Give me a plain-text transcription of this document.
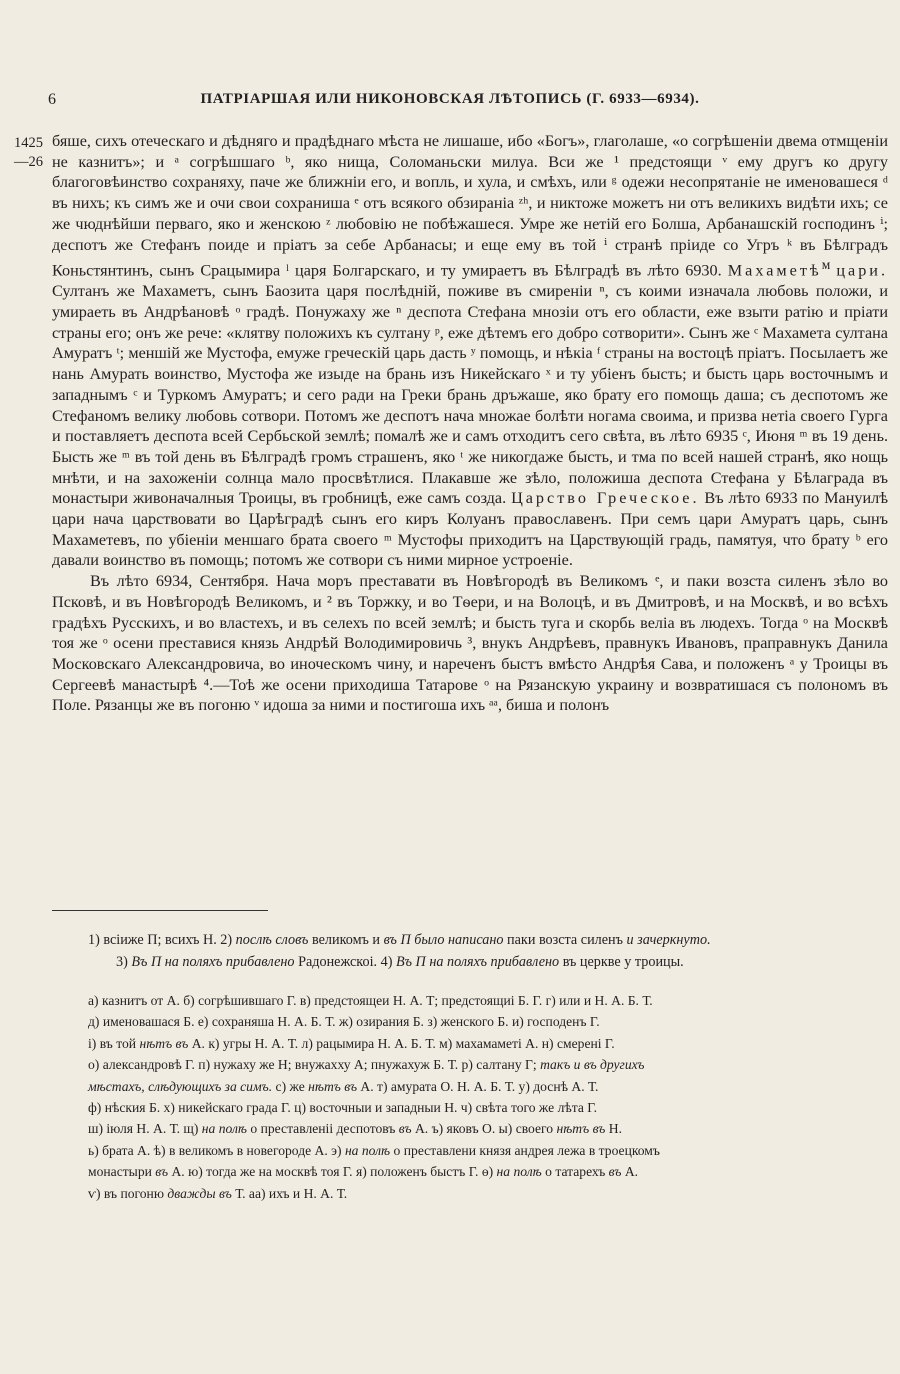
6	ПАТРІАРШАЯ ИЛИ НИКОНОВСКАЯ ЛѢТОПИСЬ (Г. 6933—6934).
1425
—26

бяше, сихъ отеческаго и дѣдняго и прадѣднаго мѣста не лишаше, ибо «Богъ», глаголаше, «о согрѣшеніи двема отмщеніи не казнитъ»; и ᵃ согрѣшшаго ᵇ, яко нища, Соломаньски милуа. Вси же ¹ предстоящи ᵛ ему другъ ко другу благоговѣинство сохраняху, паче же ближніи его, и вопль, и хула, и смѣхъ, или ᵍ одежи несопрятаніе не именовашеся ᵈ въ нихъ; къ симъ же и очи свои сохраниша ᵉ отъ всякого обзираніа ᶻʰ, и никтоже можетъ ни отъ великихъ видѣти ихъ; се же чюднѣйши перваго, яко и женскою ᶻ любовію не побѣжашеся. Умре же нетій его Болша, Арбанашскій господинъ ⁱ; деспотъ же Стефанъ поиде и пріатъ за себе Арбанасы; и еще ему въ той ⁱ странѣ пріиде со Угръ ᵏ въ Бѣлградъ Коньстянтинъ, сынъ Срацымира ˡ царя Болгарскаго, и ту умираетъ въ Бѣлградѣ въ лѣто 6930. Махаметѣ$^м$ цари. Султанъ же Махаметъ, сынъ Баозита царя послѣдній, поживе въ смиреніи ⁿ, съ коими изначала любовь положи, и умираеть въ Андрѣановѣ ᵒ градѣ. Понужаху же ⁿ деспота Стефана мнозіи отъ его области, еже взыти ратію и пріати страны его; онъ же рече: «клятву положихъ къ султану ᵖ, еже дѣтемъ его добро сотворити». Сынъ же ᶜ Махамета султана Амуратъ ᵗ; меншій же Мустофа, емуже греческій царь дасть ʸ помощь, и нѣкіа ᶠ страны на востоцѣ пріатъ. Посылаетъ же нань Амурать воинство, Мустофа же изыде на брань изъ Никейскаго ˣ и ту убіенъ бысть; и бысть царь восточнымъ и западнымъ ᶜ и Туркомъ Амуратъ; и сего ради на Греки брань дръжаше, яко брату его помощь даша; съ деспотомъ же Стефаномъ велику любовь сотвори. Потомъ же деспотъ нача множае болѣти ногама своима, и призва нетіа своего Гурга и поставляетъ деспота всей Сербьской землѣ; помалѣ же и самъ отходитъ сего свѣта, въ лѣто 6935 ᶜ, Июня ᵐ въ 19 день. Бысть же ᵐ въ той день въ Бѣлградѣ громъ страшенъ, яко ᵗ же никогдаже бысть, и тма по всей нашей странѣ, яко нощь мнѣти, и на захоженіи солнца мало просвѣтлися. Плакавше же зѣло, положиша деспота Стефана у Бѣлаграда въ монастыри живоначалныя Троицы, въ гробницѣ, еже самъ созда. Царство Греческое. Въ лѣто 6933 по Мануилѣ цари нача царствовати во Царѣградѣ сынъ его киръ Колуанъ православенъ. При семъ цари Амуратъ царь, сынъ Махаметевъ, по убіеніи меншаго брата своего ᵐ Мустофы приходитъ на Царствующій градь, памятуя, что брату ᵇ его давали воинство въ помощь; потомъ же сотвори съ ними мирное устроеніе.

Въ лѣто 6934, Сентября. Нача моръ преставати въ Новѣгородѣ въ Великомъ ᵉ, и паки возста силенъ зѣло во Псковѣ, и въ Новѣгородѣ Великомъ, и ² въ Торжку, и во Тѳери, и на Волоцѣ, и въ Дмитровѣ, и на Москвѣ, и во всѣхъ градѣхъ Русскихъ, и во властехъ, и въ селехъ по всей землѣ; и бысть туга и скорбь веліа въ людехъ. Тогда ᵒ на Москвѣ тоя же ᵒ осени преставися князь Андрѣй Володимировичь ³, внукъ Андрѣевъ, правнукъ Ивановъ, праправнукъ Данила Московскаго Александровича, во иноческомъ чину, и нареченъ быстъ вмѣсто Андрѣя Сава, и положенъ ᵃ у Троицы въ Сергеевѣ манастырѣ ⁴.—Тоѣ же осени приходиша Татарове ᵒ на Рязанскую украину и возвратишася съ полономъ въ Поле. Рязанцы же въ погоню ᵛ идоша за ними и постигоша ихъ ᵃᵃ, биша и полонъ

1) всiиже П; всихъ Н. 2) послѣ словъ великомъ и въ П было написано паки возста силенъ и зачеркнуто.
3) Въ П на поляхъ прибавлено Радонежскоі. 4) Въ П на поляхъ прибавлено въ церкве у троицы.
а) казнитъ от А. б) согрѣшившаго Г. в) предстоящеи Н. А. Т; предстоящиі Б. Г. г) или и Н. А. Б. Т.
д) именовашася Б. е) сохраняша Н. А. Б. Т. ж) озирания Б. з) женского Б. и) господенъ Г.
і) въ той нѣтъ въ А. к) угры Н. А. Т. л) рацымира Н. А. Б. Т. м) махамаметі А. н) смерені Г.
о) александровѣ Г. п) нужаху же Н; внужахху А; пнужахуж Б. Т. р) салтану Г; такъ и въ другихъ
мѣстахъ, слѣдующихъ за симъ. с) же нѣтъ въ А. т) амурата О. Н. А. Б. Т. у) доснѣ А. Т.
ф) нѣския Б. х) никейскаго града Г. ц) восточныи и западныи Н. ч) свѣта того же лѣта Г.
ш) іюля Н. А. Т. щ) на полѣ о преставленіі деспотовъ въ А. ъ) яковъ О. ы) своего нѣтъ въ Н.
ь) брата А. ѣ) в великомъ в новегороде А. э) на полѣ о преставлени князя андрея лежа в троецкомъ
монастыри въ А. ю) тогда же на москвѣ тоя Г. я) положенъ быстъ Г. ѳ) на полѣ о татарехъ въ А.
ѵ) въ погоню дважды въ Т. аа) ихъ и Н. А. Т.
